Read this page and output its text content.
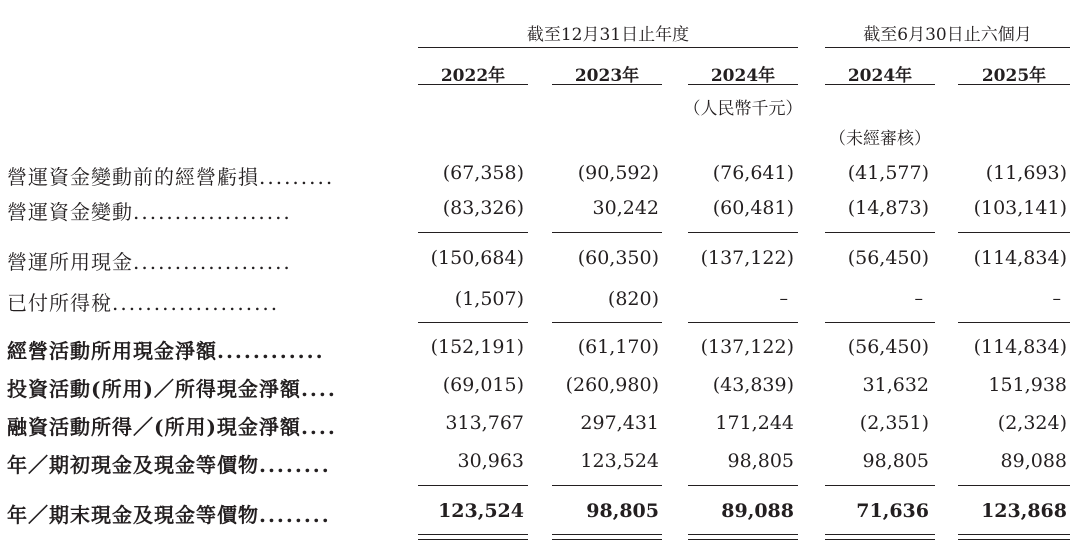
截至12月31日止年度	截至6月30日止六個月
2022年	2023年	2024年	2024年	2025年
（人民幣千元）
（未經審核）
營運資金變動前的經營虧損.........	(67,358)	(90,592)	(76,641)	(41,577)	(11,693)
營運資金變動...................	(83,326)	30,242	(60,481)	(14,873)	(103,141)
營運所用現金...................	(150,684)	(60,350)	(137,122)	(56,450)	(114,834)
已付所得稅....................	(1,507)	(820)	–	–	–
經營活動所用現金淨額............	(152,191)	(61,170)	(137,122)	(56,450)	(114,834)
投資活動(所用)／所得現金淨額....	(69,015)	(260,980)	(43,839)	31,632	151,938
融資活動所得／(所用)現金淨額....	313,767	297,431	171,244	(2,351)	(2,324)
年／期初現金及現金等價物........	30,963	123,524	98,805	98,805	89,088
年／期末現金及現金等價物........	123,524	98,805	89,088	71,636	123,868
